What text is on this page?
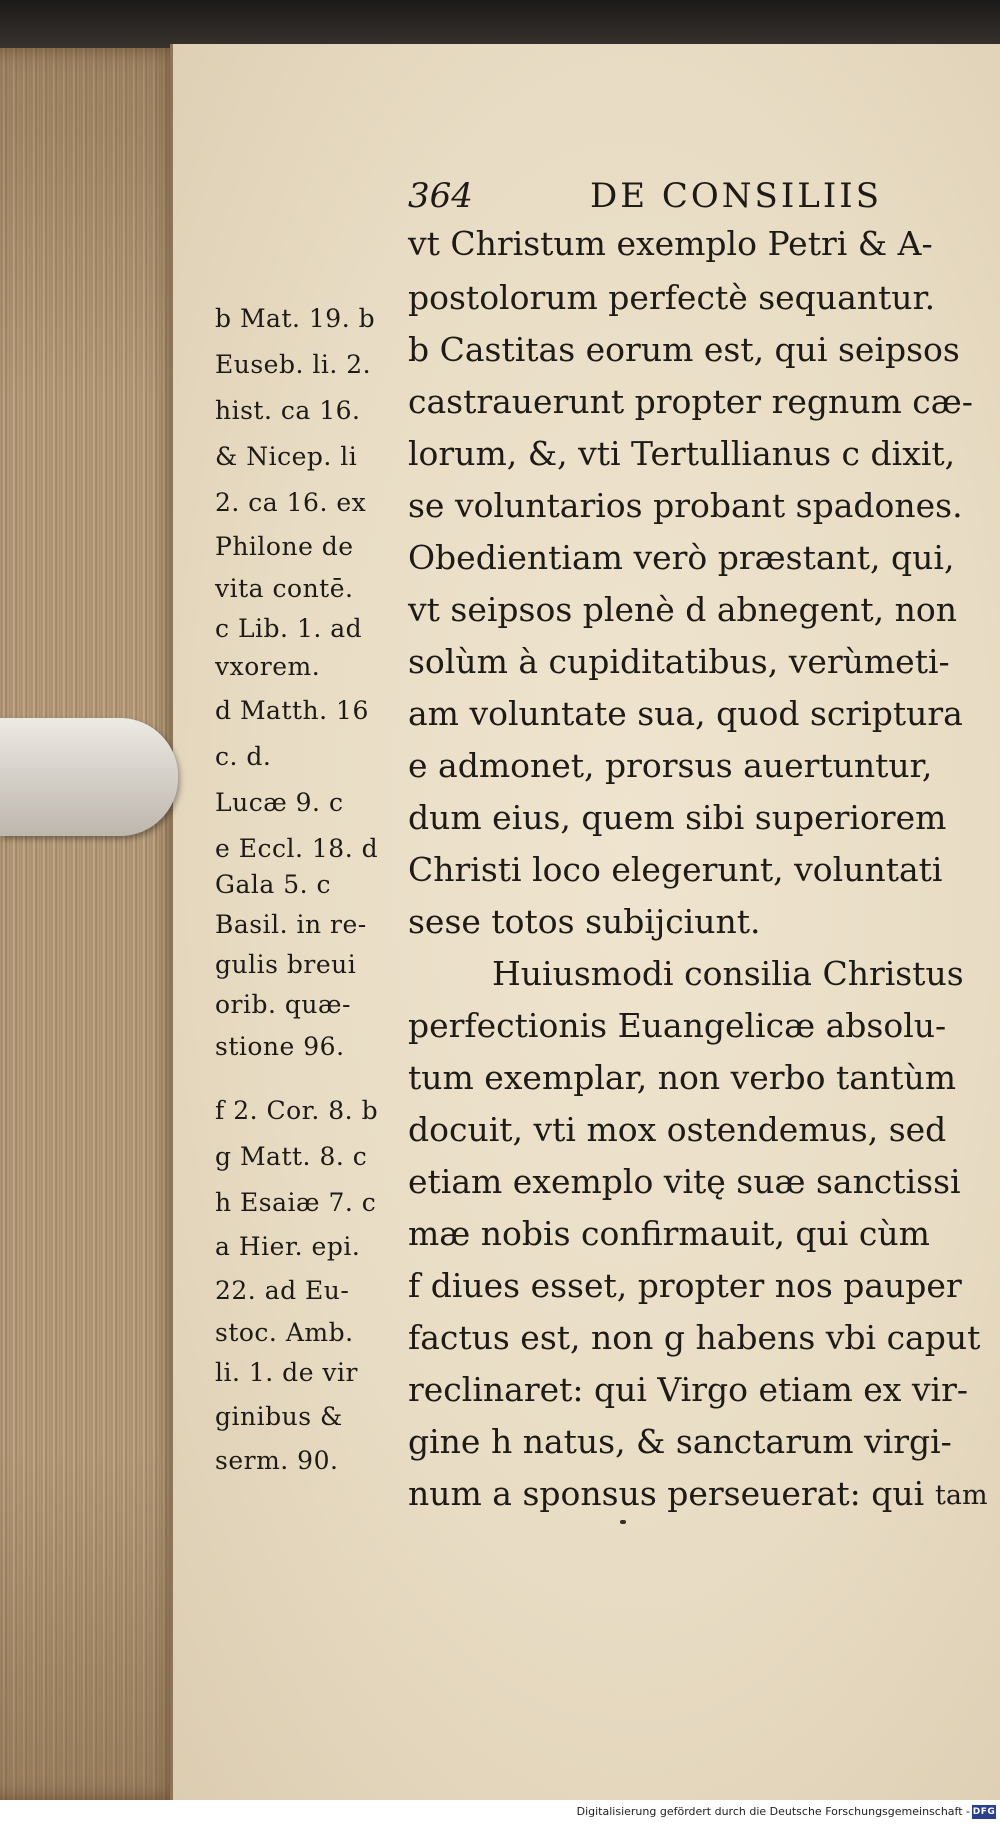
364	DE CONSILIIS
vt Christum exemplo Petri & A-
postolorum perfectè sequantur.
b Castitas eorum est, qui seipsos
castrauerunt propter regnum cæ-
lorum, &, vti Tertullianus c dixit,
se voluntarios probant spadones.
Obedientiam verò præstant, qui,
vt seipsos plenè d abnegent, non
solùm à cupiditatibus, verùmeti-
am voluntate sua, quod scriptura
e admonet, prorsus auertuntur,
dum eius, quem sibi superiorem
Christi loco elegerunt, voluntati
sese totos subijciunt.
Huiusmodi consilia Christus
perfectionis Euangelicæ absolu-
tum exemplar, non verbo tantùm
docuit, vti mox ostendemus, sed
etiam exemplo vitę suæ sanctissi
mæ nobis confirmauit, qui cùm
f diues esset, propter nos pauper
factus est, non g habens vbi caput
reclinaret: qui Virgo etiam ex vir-
gine h natus, & sanctarum virgi-
num a sponsus perseuerat: qui
b Mat. 19. b
Euseb. li. 2.
hist. ca 16.
& Nicep. li
2. ca 16. ex
Philone de
vita contē.
c Lib. 1. ad
vxorem.
d Matth. 16
c. d.
Lucæ 9. c
e Eccl. 18. d
Gala 5. c
Basil. in re-
gulis breui
orib. quæ-
stione 96.
f 2. Cor. 8. b
g Matt. 8. c
h Esaiæ 7. c
a Hier. epi.
22. ad Eu-
stoc. Amb.
li. 1. de vir
ginibus &
serm. 90.
tam
Digitalisierung gefördert durch die Deutsche Forschungsgemeinschaft - DFG
